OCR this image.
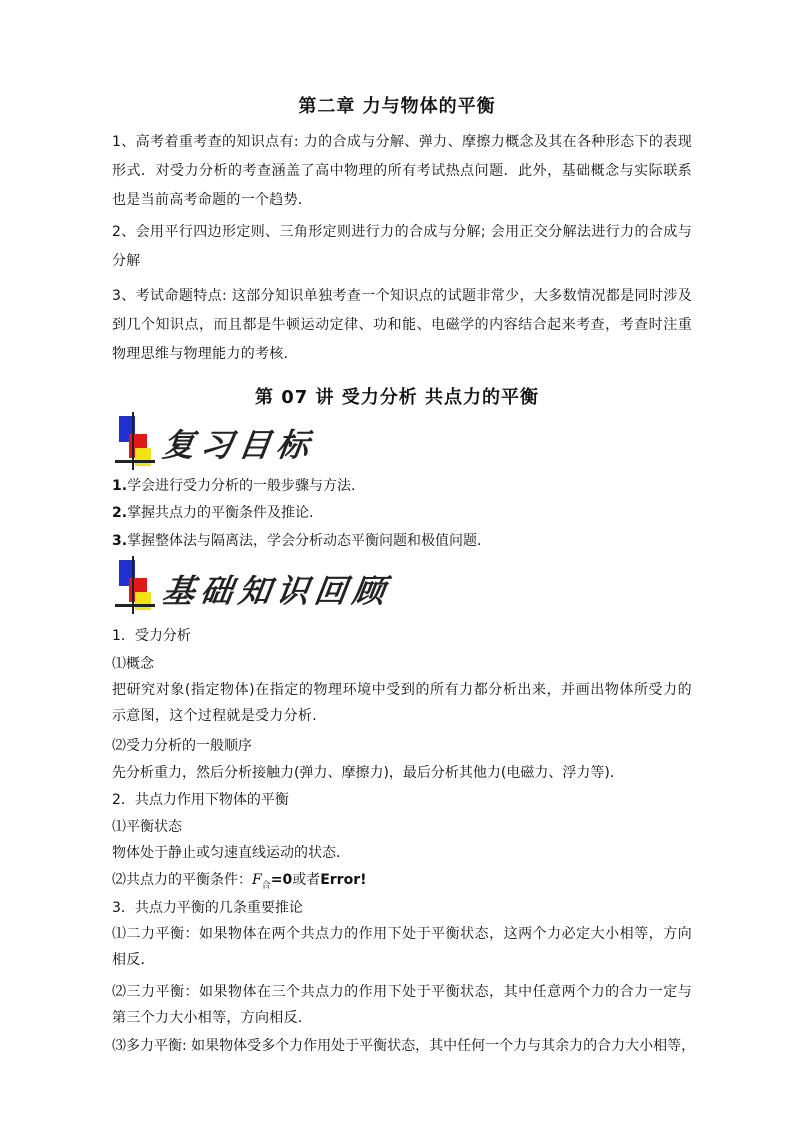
第二章 力与物体的平衡
1、高考着重考查的知识点有: 力的合成与分解、弹力、摩擦力概念及其在各种形态下的表现形式．对受力分析的考查涵盖了高中物理的所有考试热点问题．此外，基础概念与实际联系也是当前高考命题的一个趋势．
2、会用平行四边形定则、三角形定则进行力的合成与分解; 会用正交分解法进行力的合成与分解
3、考试命题特点: 这部分知识单独考查一个知识点的试题非常少，大多数情况都是同时涉及到几个知识点，而且都是牛顿运动定律、功和能、电磁学的内容结合起来考查，考查时注重物理思维与物理能力的考核．
第 07 讲 受力分析 共点力的平衡
复习目标
1.学会进行受力分析的一般步骤与方法.
2.掌握共点力的平衡条件及推论.
3.掌握整体法与隔离法，学会分析动态平衡问题和极值问题．
基础知识回顾
1．受力分析
⑴概念
把研究对象(指定物体)在指定的物理环境中受到的所有力都分析出来，并画出物体所受力的示意图，这个过程就是受力分析．
⑵受力分析的一般顺序
先分析重力，然后分析接触力(弹力、摩擦力)，最后分析其他力(电磁力、浮力等)．
2．共点力作用下物体的平衡
⑴平衡状态
物体处于静止或匀速直线运动的状态．
⑵共点力的平衡条件：$F_合=0$或者Error!
3．共点力平衡的几条重要推论
⑴二力平衡：如果物体在两个共点力的作用下处于平衡状态，这两个力必定大小相等，方向相反．
⑵三力平衡：如果物体在三个共点力的作用下处于平衡状态，其中任意两个力的合力一定与第三个力大小相等，方向相反．
⑶多力平衡: 如果物体受多个力作用处于平衡状态，其中任何一个力与其余力的合力大小相等，
